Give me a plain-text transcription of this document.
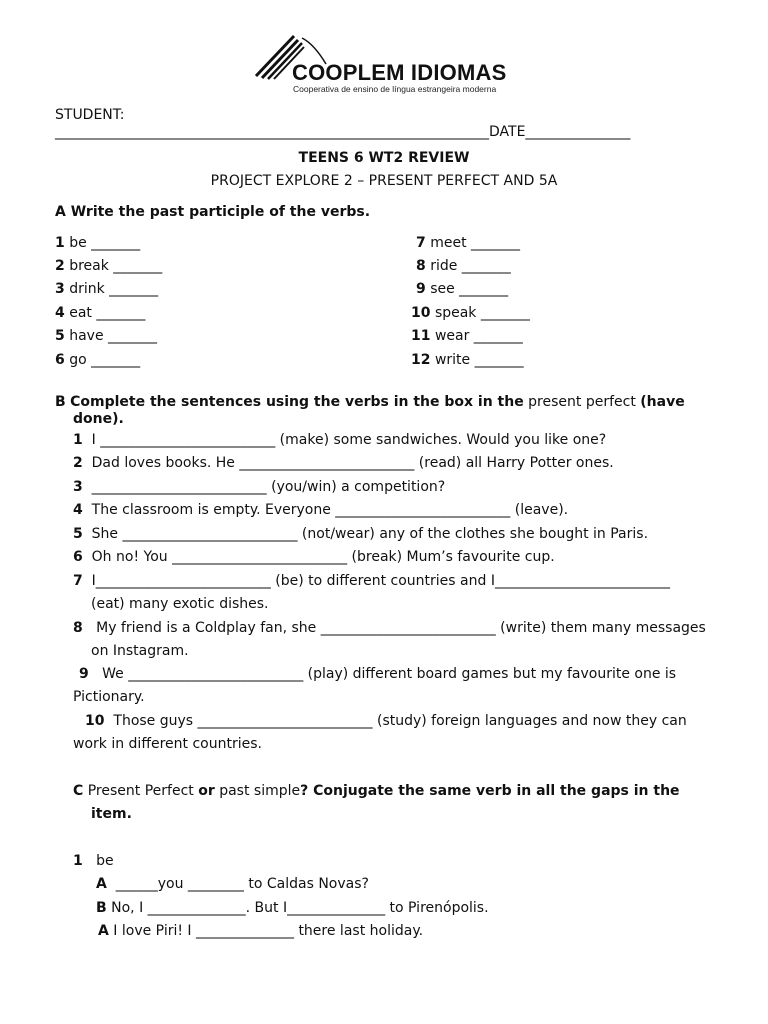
COOPLEM IDIOMAS
Cooperativa de ensino de língua estrangeira moderna
STUDENT:
______________________________________________________________DATE_______________
TEENS 6 WT2 REVIEW
PROJECT EXPLORE 2 – PRESENT PERFECT AND 5A
A Write the past participle of the verbs.
1 be _______
2 break _______
3 drink _______
4 eat _______
5 have _______
6 go _______
7 meet _______
8 ride _______
9 see _______
10 speak _______
11 wear _______
12 write _______
B Complete the sentences using the verbs in the box in the present perfect (have
done).
1 I _________________________ (make) some sandwiches. Would you like one?
2 Dad loves books. He _________________________ (read) all Harry Potter ones.
3 _________________________ (you/win) a competition?
4 The classroom is empty. Everyone _________________________ (leave).
5 She _________________________ (not/wear) any of the clothes she bought in Paris.
6 Oh no! You _________________________ (break) Mum’s favourite cup.
7 I_________________________ (be) to different countries and I_________________________
(eat) many exotic dishes.
8 My friend is a Coldplay fan, she _________________________ (write) them many messages
on Instagram.
9 We _________________________ (play) different board games but my favourite one is
Pictionary.
10 Those guys _________________________ (study) foreign languages and now they can
work in different countries.
C Present Perfect or past simple? Conjugate the same verb in all the gaps in the
item.
1 be
A ______you ________ to Caldas Novas?
B No, I ______________. But I______________ to Pirenópolis.
A I love Piri! I ______________ there last holiday.
